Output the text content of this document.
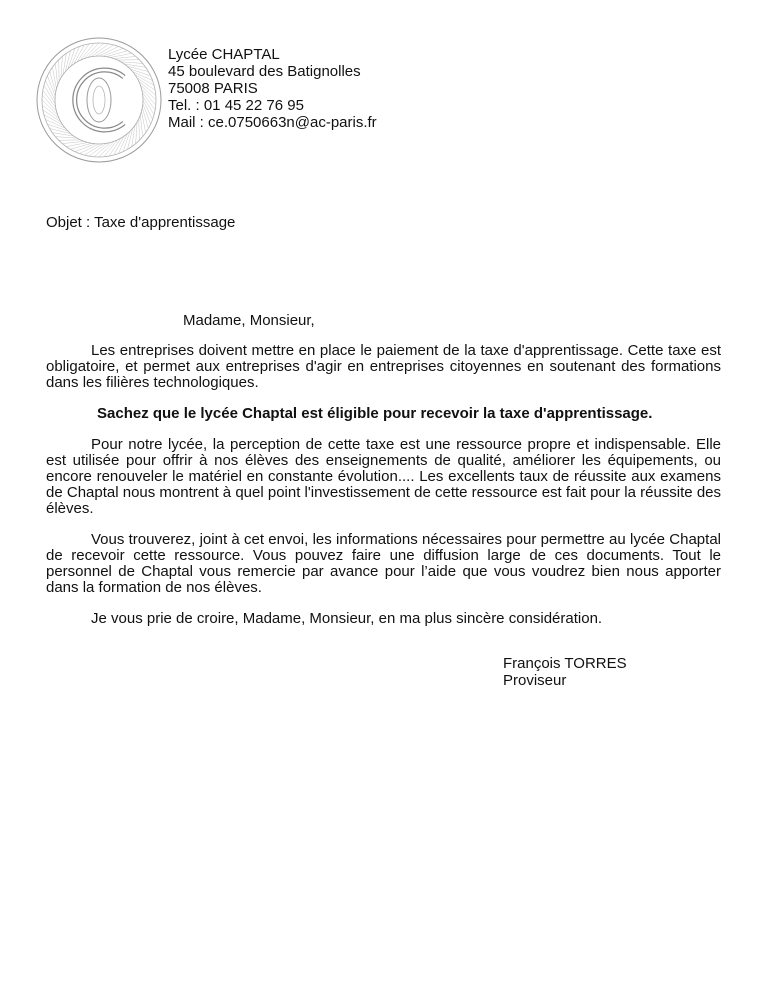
Lycée CHAPTAL
45 boulevard des Batignolles
75008 PARIS
Tel. : 01 45 22 76 95
Mail : ce.0750663n@ac-paris.fr
Objet : Taxe d'apprentissage
Madame, Monsieur,

Les entreprises doivent mettre en place le paiement de la taxe d'apprentissage. Cette taxe est obligatoire, et permet aux entreprises d'agir en entreprises citoyennes en soutenant des formations dans les filières technologiques.

Sachez que le lycée Chaptal est éligible pour recevoir la taxe d'apprentissage.

Pour notre lycée, la perception de cette taxe est une ressource propre et indispensable. Elle est utilisée pour offrir à nos élèves des enseignements de qualité, améliorer les équipements, ou encore renouveler le matériel en constante évolution.... Les excellents taux de réussite aux examens de Chaptal nous montrent à quel point l'investissement de cette ressource est fait pour la réussite des élèves.

Vous trouverez, joint à cet envoi, les informations nécessaires pour permettre au lycée Chaptal de recevoir cette ressource. Vous pouvez faire une diffusion large de ces documents. Tout le personnel de Chaptal vous remercie par avance pour l’aide que vous voudrez bien nous apporter dans la formation de nos élèves.

Je vous prie de croire, Madame, Monsieur, en ma plus sincère considération.

François TORRES
Proviseur
